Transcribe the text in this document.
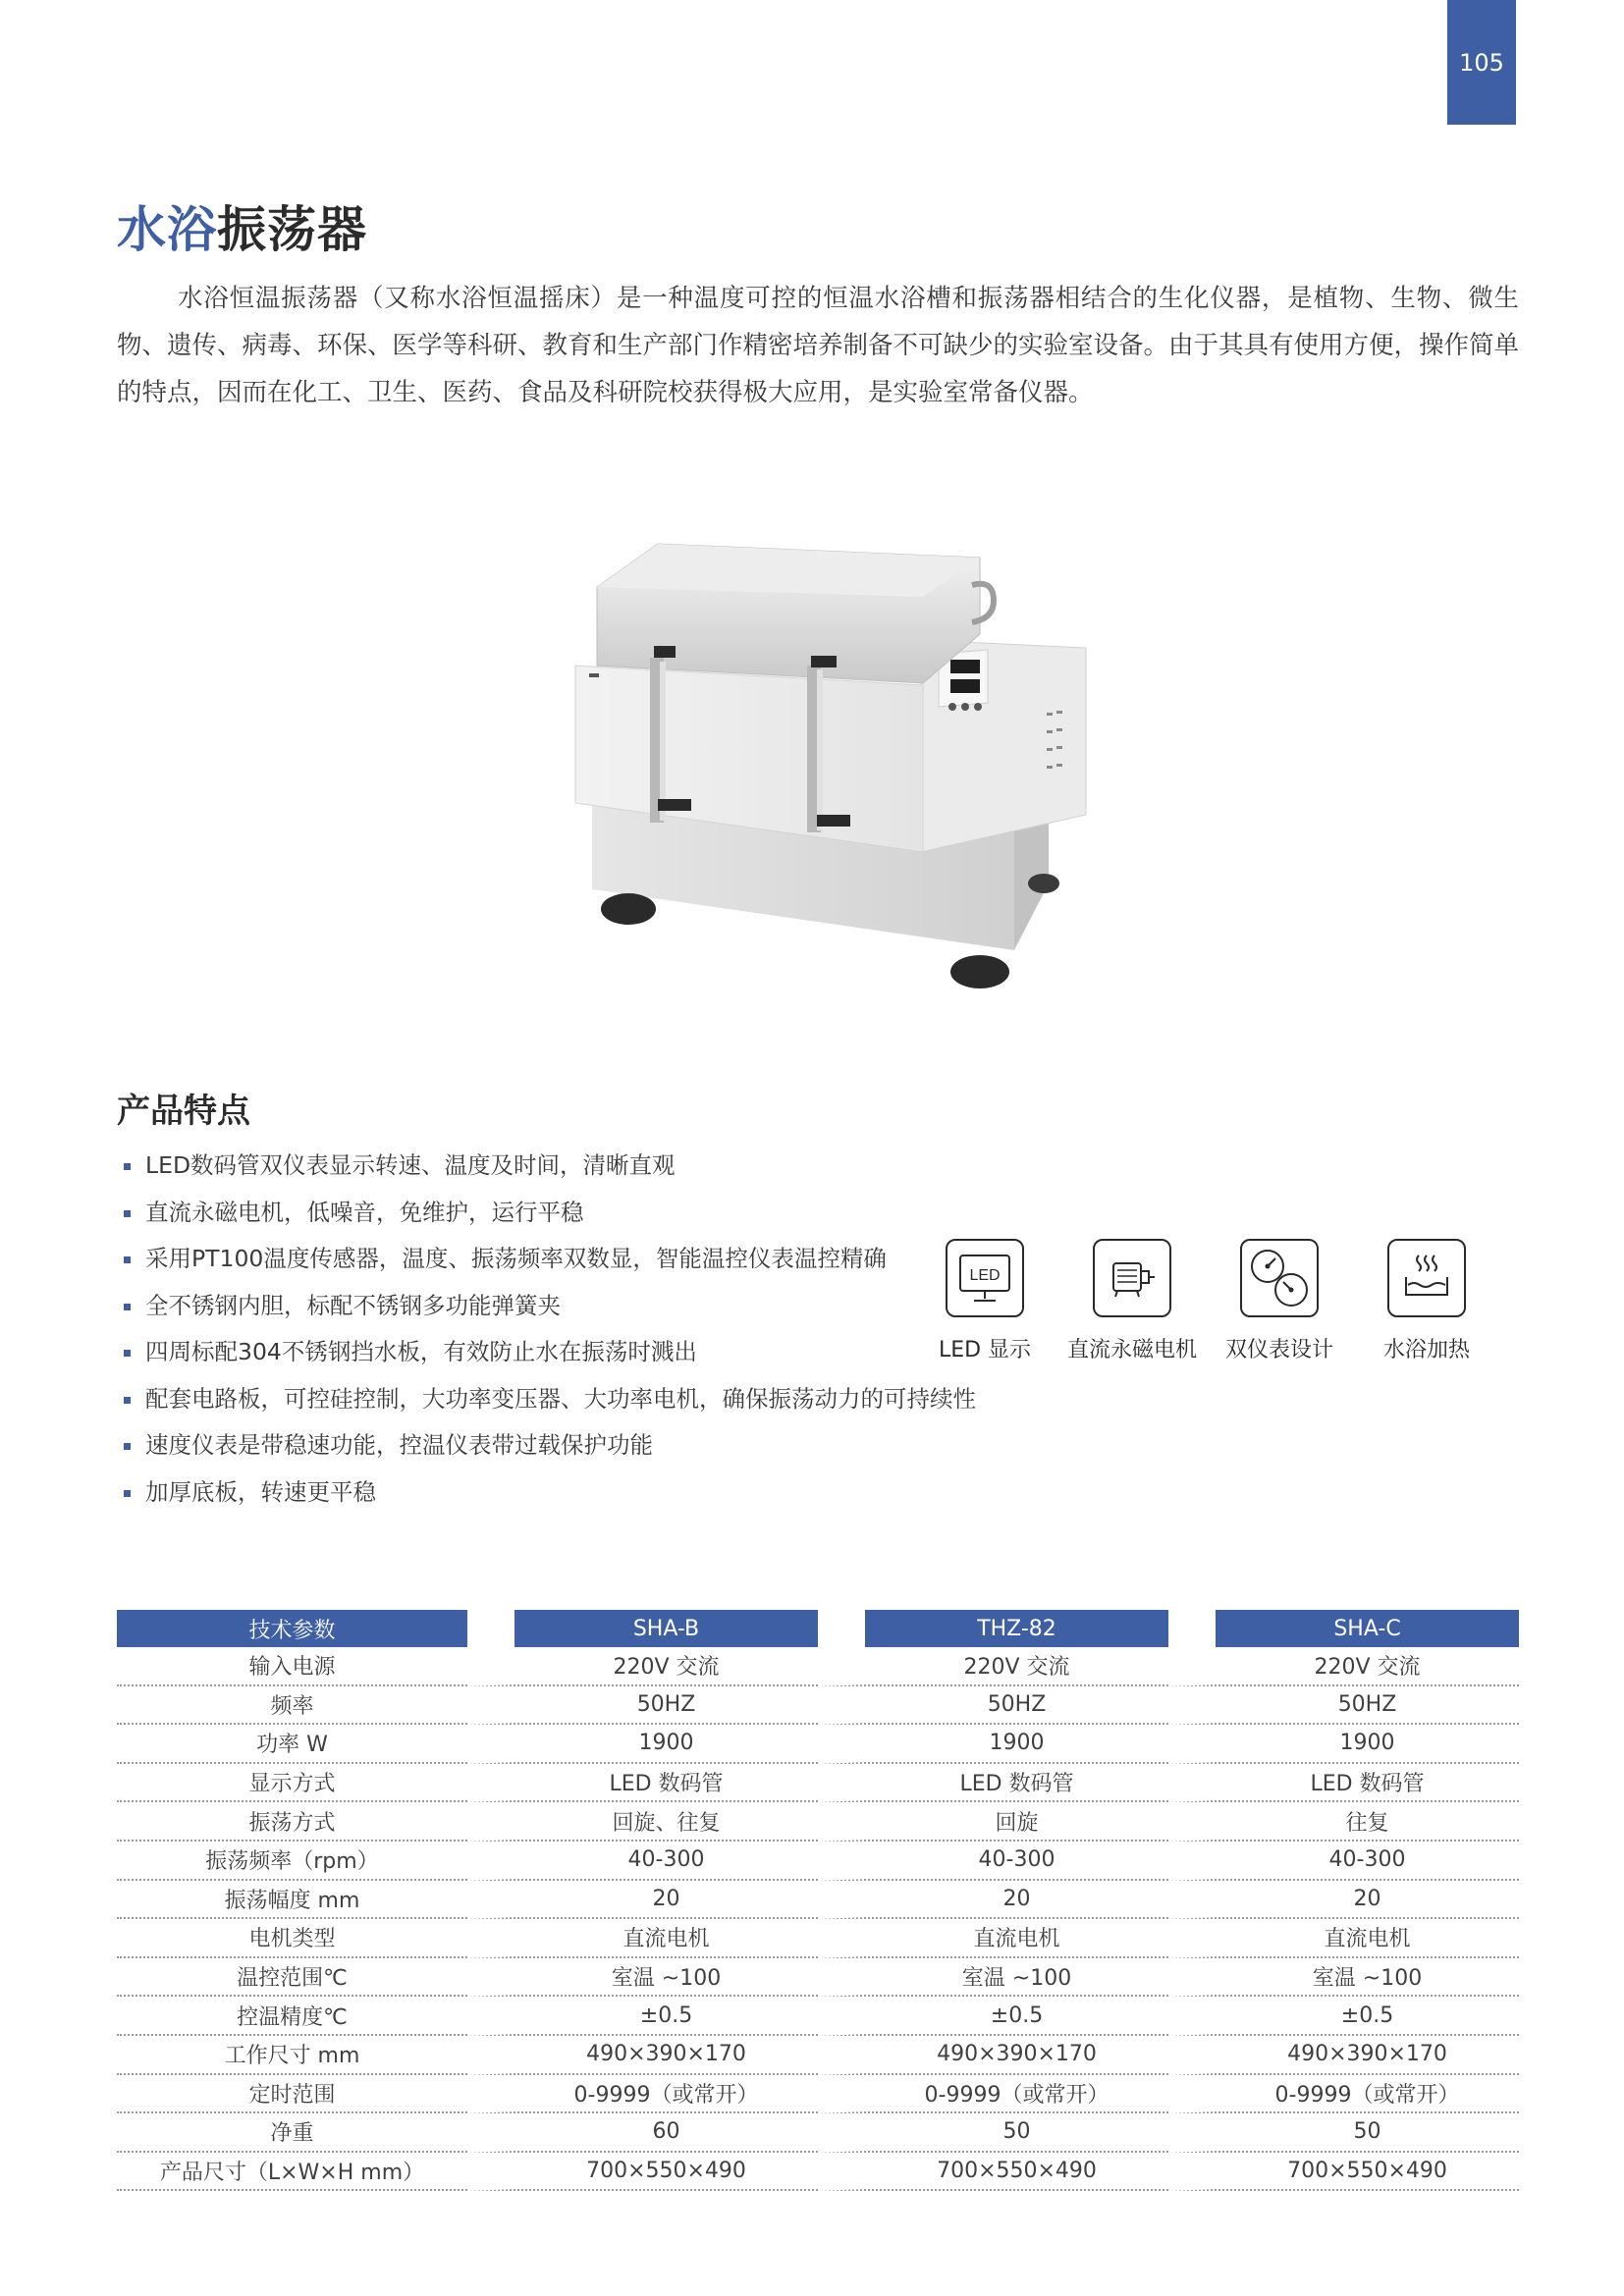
105
水浴振荡器

水浴恒温振荡器（又称水浴恒温摇床）是一种温度可控的恒温水浴槽和振荡器相结合的生化仪器，是植物、生物、微生物、遗传、病毒、环保、医学等科研、教育和生产部门作精密培养制备不可缺少的实验室设备。由于其具有使用方便，操作简单的特点，因而在化工、卫生、医药、食品及科研院校获得极大应用，是实验室常备仪器。

产品特点
LED数码管双仪表显示转速、温度及时间，清晰直观
直流永磁电机，低噪音，免维护，运行平稳
采用PT100温度传感器，温度、振荡频率双数显，智能温控仪表温控精确
全不锈钢内胆，标配不锈钢多功能弹簧夹
四周标配304不锈钢挡水板，有效防止水在振荡时溅出
配套电路板，可控硅控制，大功率变压器、大功率电机，确保振荡动力的可持续性
速度仪表是带稳速功能，控温仪表带过载保护功能
加厚底板，转速更平稳
LED
LED 显示 直流永磁电机 双仪表设计 水浴加热
技术参数	SHA-B	THZ-82	SHA-C
输入电源	220V 交流	220V 交流	220V 交流
频率	50HZ	50HZ	50HZ
功率 W	1900	1900	1900
显示方式	LED 数码管	LED 数码管	LED 数码管
振荡方式	回旋、往复	回旋	往复
振荡频率（rpm）	40-300	40-300	40-300
振荡幅度 mm	20	20	20
电机类型	直流电机	直流电机	直流电机
温控范围℃	室温 ~100	室温 ~100	室温 ~100
控温精度℃	±0.5	±0.5	±0.5
工作尺寸 mm	490×390×170	490×390×170	490×390×170
定时范围	0-9999（或常开）	0-9999（或常开）	0-9999（或常开）
净重	60	50	50
产品尺寸（L×W×H mm）	700×550×490	700×550×490	700×550×490
